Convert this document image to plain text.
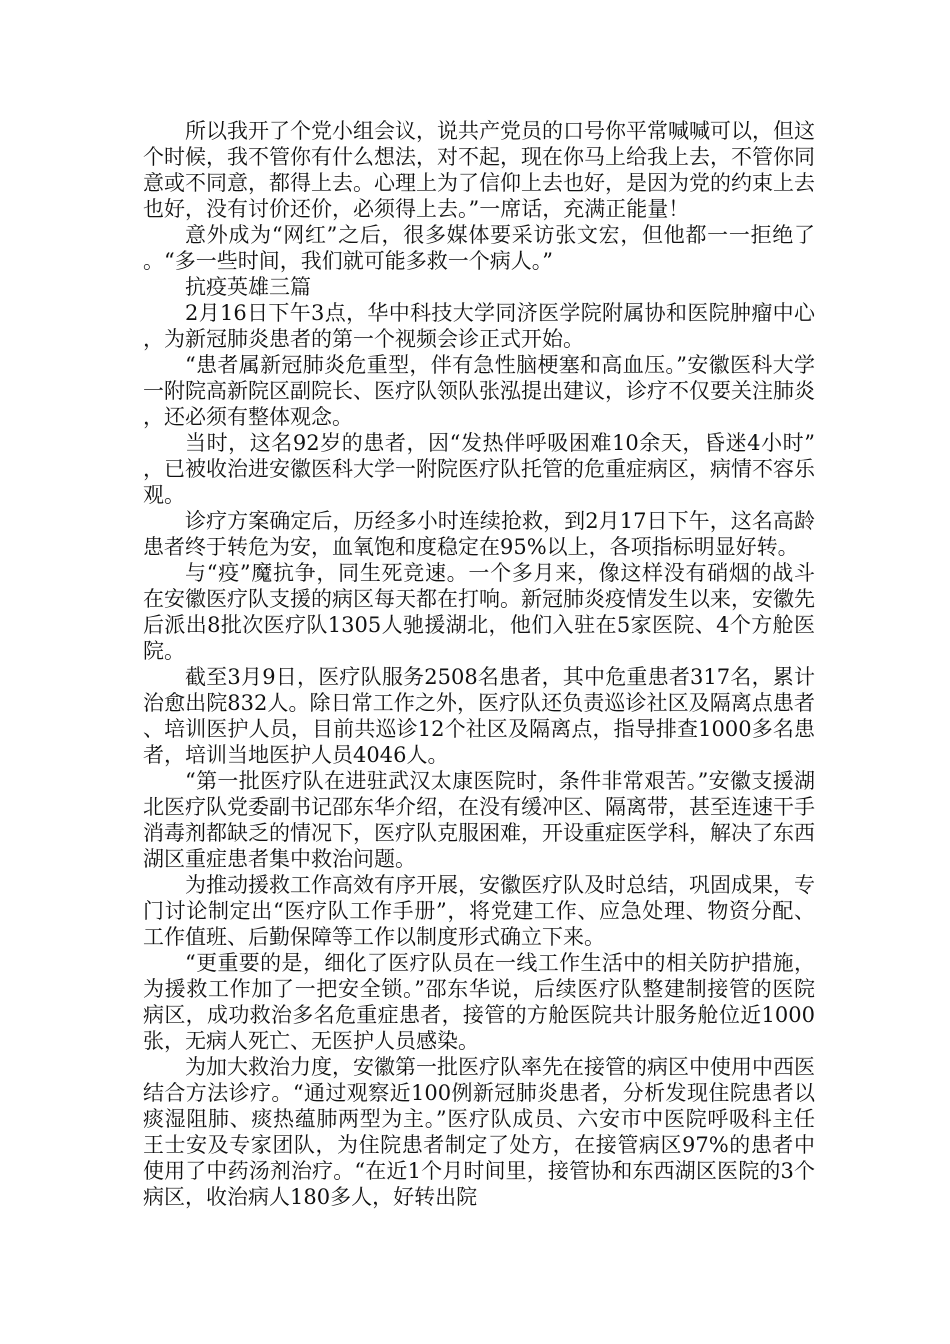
所以我开了个党小组会议，说共产党员的口号你平常喊喊可以，但这个时候，我不管你有什么想法，对不起，现在你马上给我上去，不管你同意或不同意，都得上去。心理上为了信仰上去也好，是因为党的约束上去也好，没有讨价还价，必须得上去。”一席话，充满正能量！

意外成为“网红”之后，很多媒体要采访张文宏，但他都一一拒绝了。“多一些时间，我们就可能多救一个病人。”

抗疫英雄三篇

2月16日下午3点，华中科技大学同济医学院附属协和医院肿瘤中心，为新冠肺炎患者的第一个视频会诊正式开始。

“患者属新冠肺炎危重型，伴有急性脑梗塞和高血压。”安徽医科大学一附院高新院区副院长、医疗队领队张泓提出建议，诊疗不仅要关注肺炎，还必须有整体观念。

当时，这名92岁的患者，因“发热伴呼吸困难10余天，昏迷4小时”，已被收治进安徽医科大学一附院医疗队托管的危重症病区，病情不容乐观。

诊疗方案确定后，历经多小时连续抢救，到2月17日下午，这名高龄患者终于转危为安，血氧饱和度稳定在95%以上，各项指标明显好转。

与“疫”魔抗争，同生死竞速。一个多月来，像这样没有硝烟的战斗在安徽医疗队支援的病区每天都在打响。新冠肺炎疫情发生以来，安徽先后派出8批次医疗队1305人驰援湖北，他们入驻在5家医院、4个方舱医院。

截至3月9日，医疗队服务2508名患者，其中危重患者317名，累计治愈出院832人。除日常工作之外，医疗队还负责巡诊社区及隔离点患者、培训医护人员，目前共巡诊12个社区及隔离点，指导排查1000多名患者，培训当地医护人员4046人。

“第一批医疗队在进驻武汉太康医院时，条件非常艰苦。”安徽支援湖北医疗队党委副书记邵东华介绍，在没有缓冲区、隔离带，甚至连速干手消毒剂都缺乏的情况下，医疗队克服困难，开设重症医学科，解决了东西湖区重症患者集中救治问题。

为推动援救工作高效有序开展，安徽医疗队及时总结，巩固成果，专门讨论制定出“医疗队工作手册”，将党建工作、应急处理、物资分配、工作值班、后勤保障等工作以制度形式确立下来。

“更重要的是，细化了医疗队员在一线工作生活中的相关防护措施，为援救工作加了一把安全锁。”邵东华说，后续医疗队整建制接管的医院病区，成功救治多名危重症患者，接管的方舱医院共计服务舱位近1000张，无病人死亡、无医护人员感染。

为加大救治力度，安徽第一批医疗队率先在接管的病区中使用中西医结合方法诊疗。“通过观察近100例新冠肺炎患者，分析发现住院患者以痰湿阻肺、痰热蕴肺两型为主。”医疗队成员、六安市中医院呼吸科主任王士安及专家团队，为住院患者制定了处方，在接管病区97%的患者中使用了中药汤剂治疗。“在近1个月时间里，接管协和东西湖区医院的3个病区，收治病人180多人，好转出院
